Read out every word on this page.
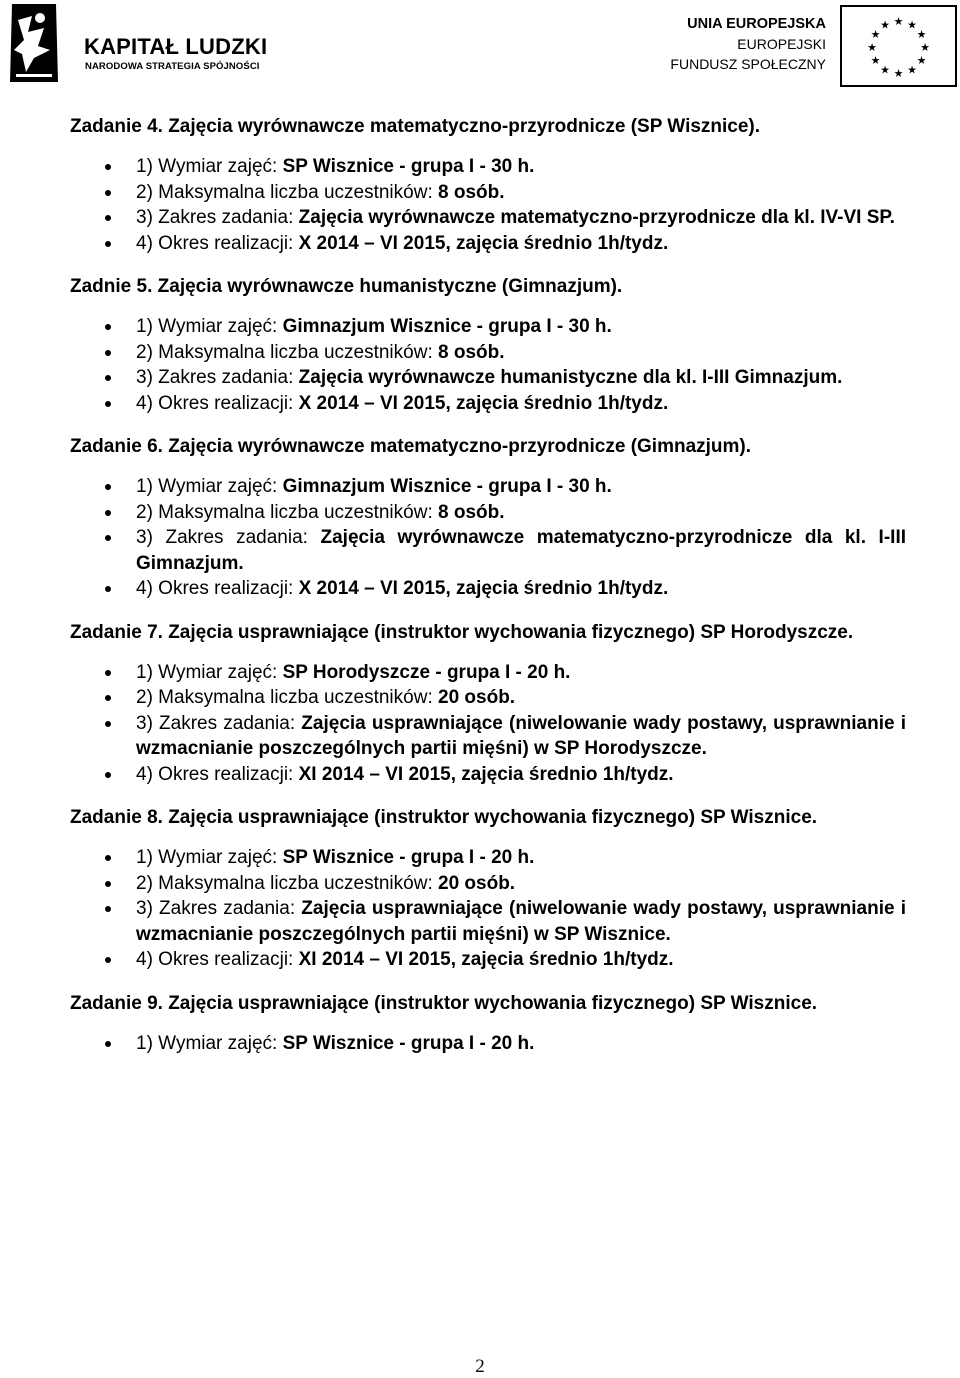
KAPITAŁ LUDZKI
NARODOWA STRATEGIA SPÓJNOŚCI
UNIA EUROPEJSKA
EUROPEJSKI
FUNDUSZ SPOŁECZNY
★ ★
★
★
★
★
★
★
★
★
★
★

Zadanie 4. Zajęcia wyrównawcze matematyczno-przyrodnicze (SP Wisznice).

1) Wymiar zajęć: SP Wisznice - grupa I - 30 h.
2) Maksymalna liczba uczestników: 8 osób.
3) Zakres zadania: Zajęcia wyrównawcze matematyczno-przyrodnicze dla kl. IV-VI SP.
4) Okres realizacji: X 2014 – VI 2015, zajęcia średnio 1h/tydz.

Zadnie 5. Zajęcia wyrównawcze humanistyczne (Gimnazjum).

1) Wymiar zajęć: Gimnazjum Wisznice - grupa I - 30 h.
2) Maksymalna liczba uczestników: 8 osób.
3) Zakres zadania: Zajęcia wyrównawcze humanistyczne dla kl. I-III Gimnazjum.
4) Okres realizacji: X 2014 – VI 2015, zajęcia średnio 1h/tydz.

Zadanie 6. Zajęcia wyrównawcze matematyczno-przyrodnicze (Gimnazjum).

1) Wymiar zajęć: Gimnazjum Wisznice - grupa I - 30 h.
2) Maksymalna liczba uczestników: 8 osób.
3) Zakres zadania: Zajęcia wyrównawcze matematyczno-przyrodnicze dla kl. I-III Gimnazjum.
4) Okres realizacji: X 2014 – VI 2015, zajęcia średnio 1h/tydz.

Zadanie 7. Zajęcia usprawniające (instruktor wychowania fizycznego) SP Horodyszcze.

1) Wymiar zajęć: SP Horodyszcze - grupa I - 20 h.
2) Maksymalna liczba uczestników: 20 osób.
3) Zakres zadania: Zajęcia usprawniające (niwelowanie wady postawy, usprawnianie i wzmacnianie poszczególnych partii mięśni) w SP Horodyszcze.
4) Okres realizacji: XI 2014 – VI 2015, zajęcia średnio 1h/tydz.

Zadanie 8. Zajęcia usprawniające (instruktor wychowania fizycznego) SP Wisznice.

1) Wymiar zajęć: SP Wisznice - grupa I - 20 h.
2) Maksymalna liczba uczestników: 20 osób.
3) Zakres zadania: Zajęcia usprawniające (niwelowanie wady postawy, usprawnianie i wzmacnianie poszczególnych partii mięśni) w SP Wisznice.
4) Okres realizacji: XI 2014 – VI 2015, zajęcia średnio 1h/tydz.

Zadanie 9. Zajęcia usprawniające (instruktor wychowania fizycznego) SP Wisznice.

1) Wymiar zajęć: SP Wisznice - grupa I - 20 h.
2
